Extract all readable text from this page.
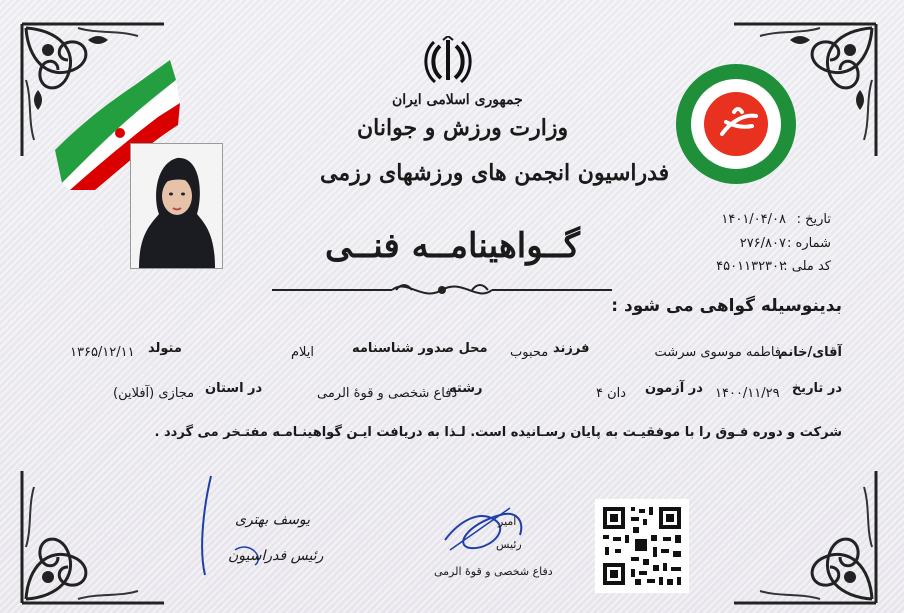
جمهوری اسلامی ایران
وزارت ورزش و جوانان
فدراسیون انجمن های ورزشهای رزمی
تاریخ :
۱۴۰۱/۰۴/۰۸
شماره :
۲۷۶/۸۰۷
کد ملی :
۴۵۰۱۱۳۲۳۰۲
گــواهینامــه فنــی
بدینوسیله گواهی می شود :
آقای/خانم
فاطمه موسوی سرشت
فرزند
محبوب
محل صدور شناسنامه
ایلام
متولد
۱۳۶۵/۱۲/۱۱
در تاریخ
۱۴۰۰/۱۱/۲۹
در آزمون
دان ۴
رشته
دفاع شخصی و قوهٔ الرمی
در استان
مجازی (آفلاین)
شرکت و دوره فـوق را با موفقیـت به پایان رسـانیده است. لـذا به دریافت ایـن گواهینـامـه مفتـخر می گردد .
یوسف بهتری
رئیس فدراسیون
امیر
رئیس
دفاع شخصی و قوهٔ الرمی
